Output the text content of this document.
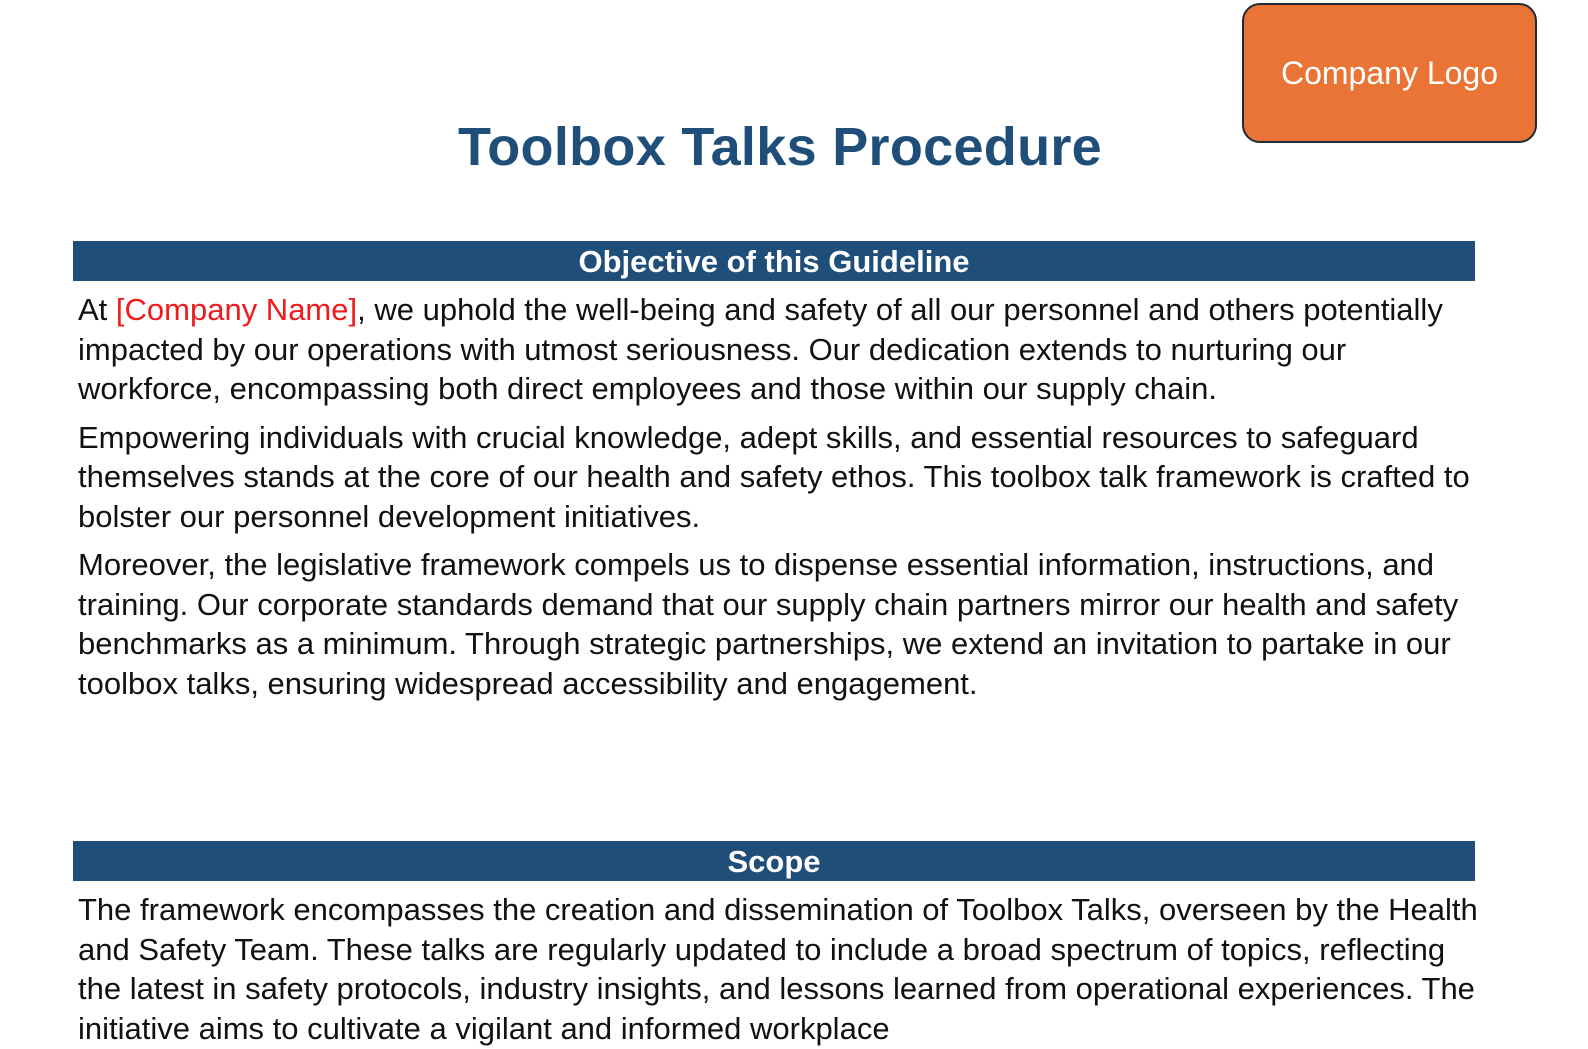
Company Logo
Toolbox Talks Procedure
Objective of this Guideline

At [Company Name], we uphold the well-being and safety of all our personnel and others potentially impacted by our operations with utmost seriousness. Our dedication extends to nurturing our workforce, encompassing both direct employees and those within our supply chain.

Empowering individuals with crucial knowledge, adept skills, and essential resources to safeguard themselves stands at the core of our health and safety ethos. This toolbox talk framework is crafted to bolster our personnel development initiatives.

Moreover, the legislative framework compels us to dispense essential information, instructions, and training. Our corporate standards demand that our supply chain partners mirror our health and safety benchmarks as a minimum. Through strategic partnerships, we extend an invitation to partake in our toolbox talks, ensuring widespread accessibility and engagement.

Scope

The framework encompasses the creation and dissemination of Toolbox Talks, overseen by the Health and Safety Team. These talks are regularly updated to include a broad spectrum of topics, reflecting the latest in safety protocols, industry insights, and lessons learned from operational experiences. The initiative aims to cultivate a vigilant and informed workplace
